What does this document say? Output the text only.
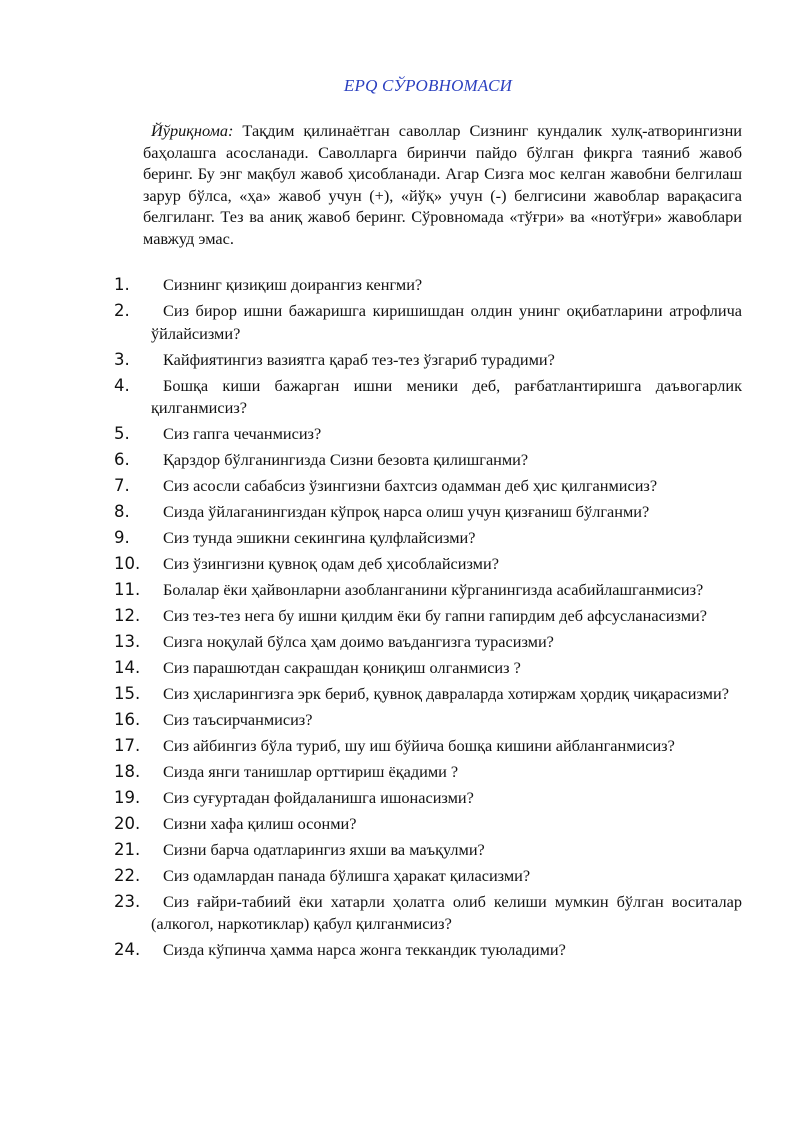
EPQ СЎРОВНОМАСИ
Йўриқнома: Тақдим қилинаётган саволлар Сизнинг кундалик хулқ-атворингизни баҳолашга асосланади. Саволларга биринчи пайдо бўлган фикрга таяниб жавоб беринг. Бу энг мақбул жавоб ҳисобланади. Агар Сизга мос келган жавобни белгилаш зарур бўлса, «ҳа» жавоб учун (+), «йўқ» учун (-) белгисини жавоблар варақасига белгиланг. Тез ва аниқ жавоб беринг. Сўровномада «тўғри» ва «нотўғри» жавоблари мавжуд эмас.
1.	Сизнинг қизиқиш доирангиз кенгми?
2.	Сиз бирор ишни бажаришга киришишдан олдин унинг оқибатларини атрофлича ўйлайсизми?
3.	Кайфиятингиз вазиятга қараб тез-тез ўзгариб турадими?
4.	Бошқа киши бажарган ишни меники деб, рағбатлантиришга даъвогарлик қилганмисиз?
5.	Сиз гапга чечанмисиз?
6.	Қарздор бўлганингизда Сизни безовта қилишганми?
7.	Сиз асосли сабабсиз ўзингизни бахтсиз одамман деб ҳис қилганмисиз?
8.	Сизда ўйлаганингиздан кўпроқ нарса олиш учун қизғаниш бўлганми?
9.	Сиз тунда эшикни секингина қулфлайсизми?
10.	Сиз ўзингизни қувноқ одам деб ҳисоблайсизми?
11.	Болалар ёки ҳайвонларни азобланганини кўрганингизда асабийлашганмисиз?
12.	Сиз тез-тез нега бу ишни қилдим ёки бу гапни гапирдим деб афсусланасизми?
13.	Сизга ноқулай бўлса ҳам доимо ваъдангизга турасизми?
14.	Сиз парашютдан сакрашдан қониқиш олганмисиз ?
15.	Сиз ҳисларингизга эрк бериб, қувноқ давраларда хотиржам ҳордиқ чиқарасизми?
16.	Сиз таъсирчанмисиз?
17.	Сиз айбингиз бўла туриб, шу иш бўйича бошқа кишини айблaнганмисиз?
18.	Сизда янги танишлар орттириш ёқадими ?
19.	Сиз суғуртадан фойдаланишга ишонасизми?
20.	Сизни хафа қилиш осонми?
21.	Сизни барча одатларингиз яхши ва маъқулми?
22.	Сиз одамлардан панада бўлишга ҳаракат қиласизми?
23.	Сиз ғайри-табиий ёки хатарли ҳолатга олиб келиши мумкин бўлган воситалар (алкогол, наркотиклар) қабул қилганмисиз?
24.	Сизда кўпинча ҳамма нарса жонга теккандик туюладими?
